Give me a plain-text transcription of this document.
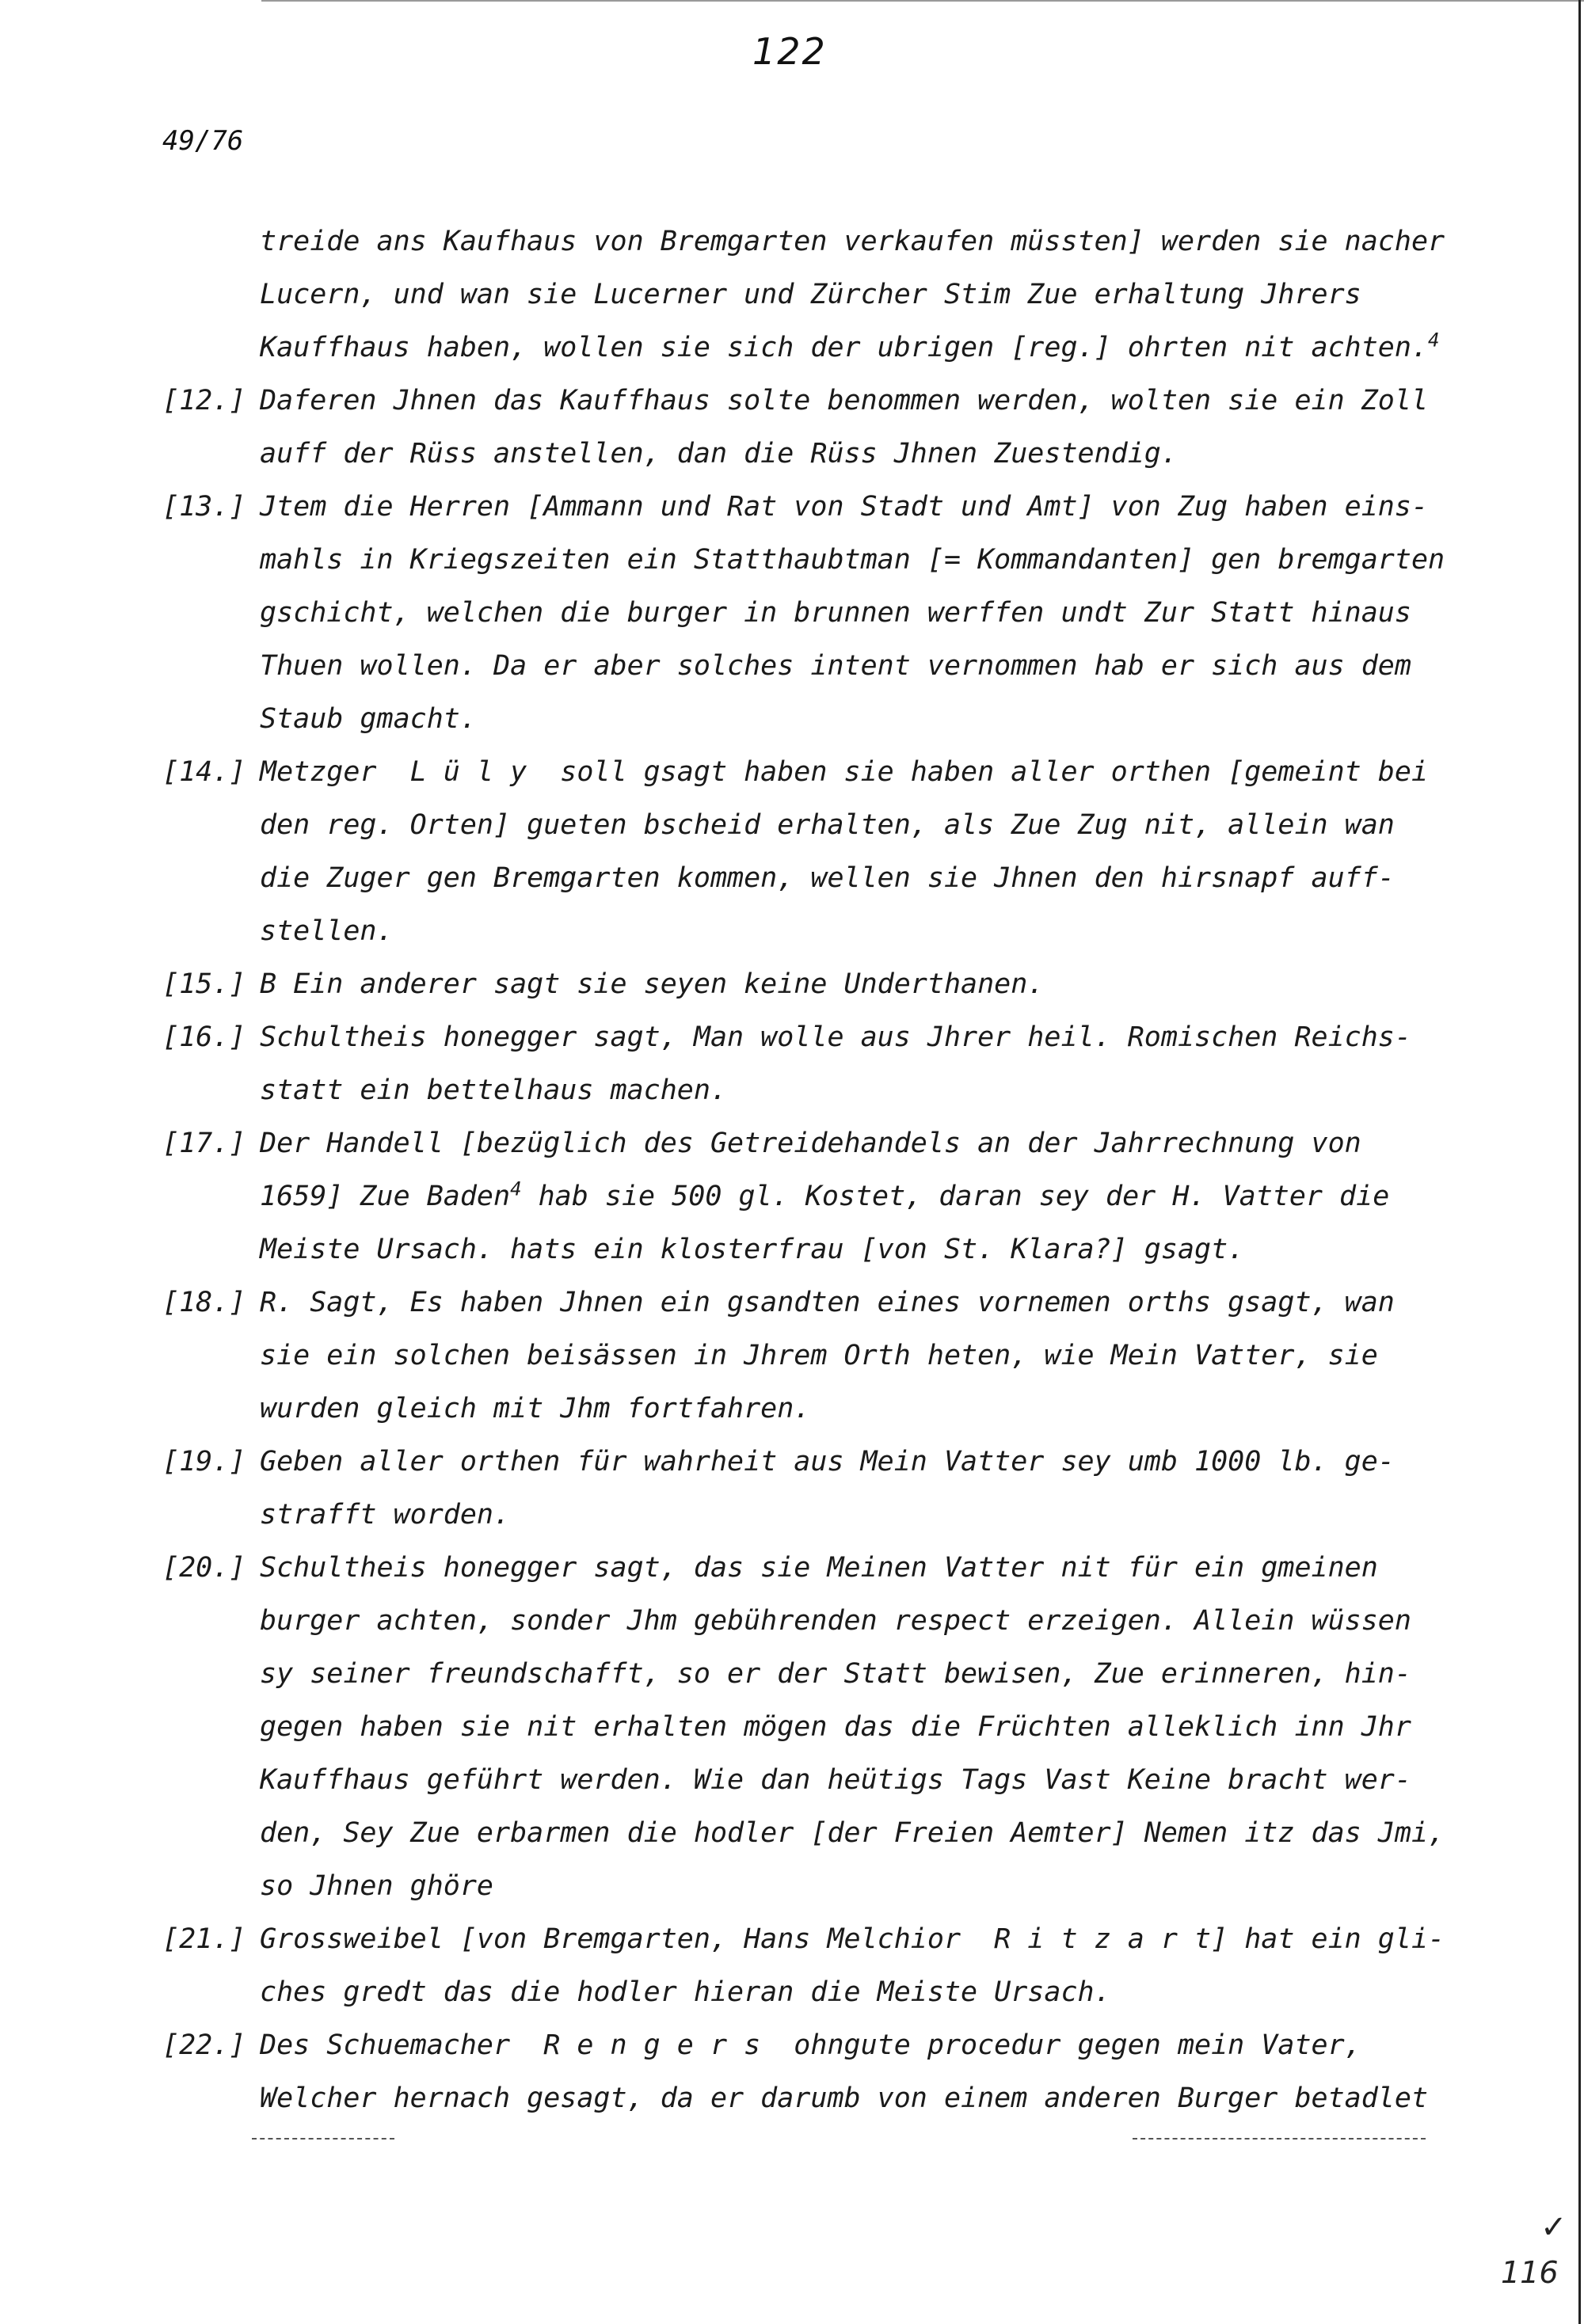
122
49/76
treide ans Kaufhaus von Bremgarten verkaufen müssten] werden sie nacher
Lucern, und wan sie Lucerner und Zürcher Stim Zue erhaltung Jhrers
Kauffhaus haben, wollen sie sich der ubrigen [reg.] ohrten nit achten.$^4$
[12.] Daferen Jhnen das Kauffhaus solte benommen werden, wolten sie ein Zoll
auff der Rüss anstellen, dan die Rüss Jhnen Zuestendig.
[13.] Jtem die Herren [Ammann und Rat von Stadt und Amt] von Zug haben eins-
mahls in Kriegszeiten ein Statthaubtman [= Kommandanten] gen bremgarten
gschicht, welchen die burger in brunnen werffen undt Zur Statt hinaus
Thuen wollen. Da er aber solches intent vernommen hab er sich aus dem
Staub gmacht.
[14.] Metzger  L ü l y  soll gsagt haben sie haben aller orthen [gemeint bei
den reg. Orten] gueten bscheid erhalten, als Zue Zug nit, allein wan
die Zuger gen Bremgarten kommen, wellen sie Jhnen den hirsnapf auff-
stellen.
[15.] B Ein anderer sagt sie seyen keine Underthanen.
[16.] Schultheis honegger sagt, Man wolle aus Jhrer heil. Romischen Reichs-
statt ein bettelhaus machen.
[17.] Der Handell [bezüglich des Getreidehandels an der Jahrrechnung von
1659] Zue Baden$^4$ hab sie 500 gl. Kostet, daran sey der H. Vatter die
Meiste Ursach. hats ein klosterfrau [von St. Klara?] gsagt.
[18.] R. Sagt, Es haben Jhnen ein gsandten eines vornemen orths gsagt, wan
sie ein solchen beisässen in Jhrem Orth heten, wie Mein Vatter, sie
wurden gleich mit Jhm fortfahren.
[19.] Geben aller orthen für wahrheit aus Mein Vatter sey umb 1000 lb. ge-
strafft worden.
[20.] Schultheis honegger sagt, das sie Meinen Vatter nit für ein gmeinen
burger achten, sonder Jhm gebührenden respect erzeigen. Allein wüssen
sy seiner freundschafft, so er der Statt bewisen, Zue erinneren, hin-
gegen haben sie nit erhalten mögen das die Früchten alleklich inn Jhr
Kauffhaus geführt werden. Wie dan heütigs Tags Vast Keine bracht wer-
den, Sey Zue erbarmen die hodler [der Freien Aemter] Nemen itz das Jmi,
so Jhnen ghöre
[21.] Grossweibel [von Bremgarten, Hans Melchior  R i t z a r t] hat ein gli-
ches gredt das die hodler hieran die Meiste Ursach.
[22.] Des Schuemacher  R e n g e r s  ohngute procedur gegen mein Vater,
Welcher hernach gesagt, da er darumb von einem anderen Burger betadlet
✓
116
